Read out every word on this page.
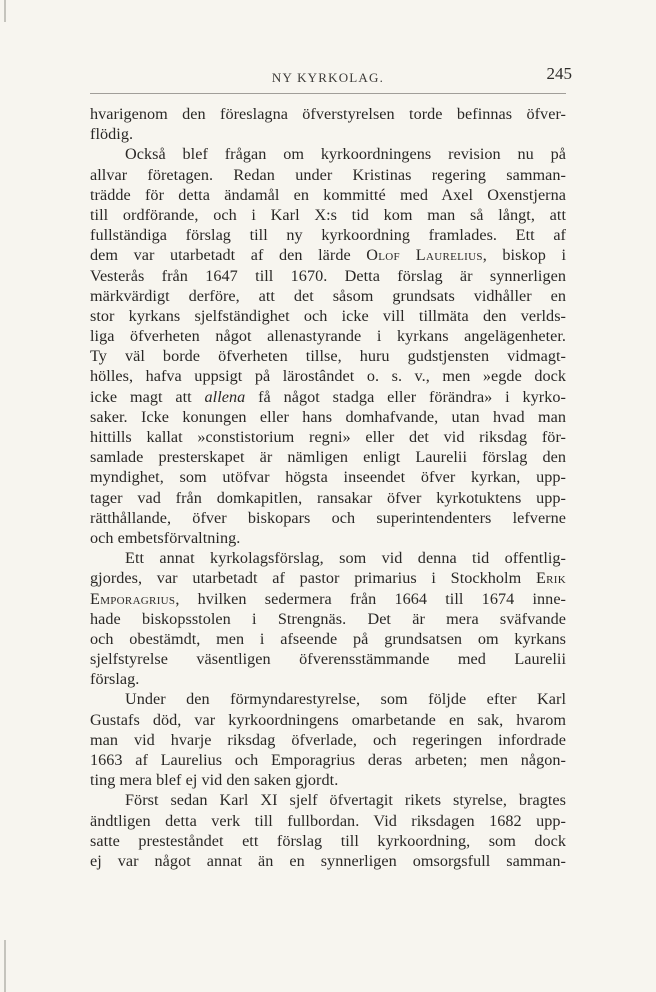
NY KYRKOLAG.	245
hvarigenom den föreslagna öfverstyrelsen torde befinnas öfver-
flödig.
Också blef frågan om kyrkoordningens revision nu på
allvar företagen. Redan under Kristinas regering samman-
trädde för detta ändamål en kommitté med Axel Oxenstjerna
till ordförande, och i Karl X:s tid kom man så långt, att
fullständiga förslag till ny kyrkoordning framlades. Ett af
dem var utarbetadt af den lärde Olof Laurelius, biskop i
Vesterås från 1647 till 1670. Detta förslag är synnerligen
märkvärdigt derföre, att det såsom grundsats vidhåller en
stor kyrkans sjelfständighet och icke vill tillmäta den verlds-
liga öfverheten något allenastyrande i kyrkans angelägenheter.
Ty väl borde öfverheten tillse, huru gudstjensten vidmagt-
hölles, hafva uppsigt på lärostândet o. s. v., men »egde dock
icke magt att allena få något stadga eller förändra» i kyrko-
saker. Icke konungen eller hans domhafvande, utan hvad man
hittills kallat »constistorium regni» eller det vid riksdag för-
samlade presterskapet är nämligen enligt Laurelii förslag den
myndighet, som utöfvar högsta inseendet öfver kyrkan, upp-
tager vad från domkapitlen, ransakar öfver kyrkotuktens upp-
rätthållande, öfver biskopars och superintendenters lefverne
och embetsförvaltning.
Ett annat kyrkolagsförslag, som vid denna tid offentlig-
gjordes, var utarbetadt af pastor primarius i Stockholm Erik
Emporagrius, hvilken sedermera från 1664 till 1674 inne-
hade biskopsstolen i Strengnäs. Det är mera sväfvande
och obestämdt, men i afseende på grundsatsen om kyrkans
sjelfstyrelse väsentligen öfverensstämmande med Laurelii
förslag.
Under den förmyndarestyrelse, som följde efter Karl
Gustafs död, var kyrkoordningens omarbetande en sak, hvarom
man vid hvarje riksdag öfverlade, och regeringen infordrade
1663 af Laurelius och Emporagrius deras arbeten; men någon-
ting mera blef ej vid den saken gjordt.
Först sedan Karl XI sjelf öfvertagit rikets styrelse, bragtes
ändtligen detta verk till fullbordan. Vid riksdagen 1682 upp-
satte presteståndet ett förslag till kyrkoordning, som dock
ej var något annat än en synnerligen omsorgsfull samman-
